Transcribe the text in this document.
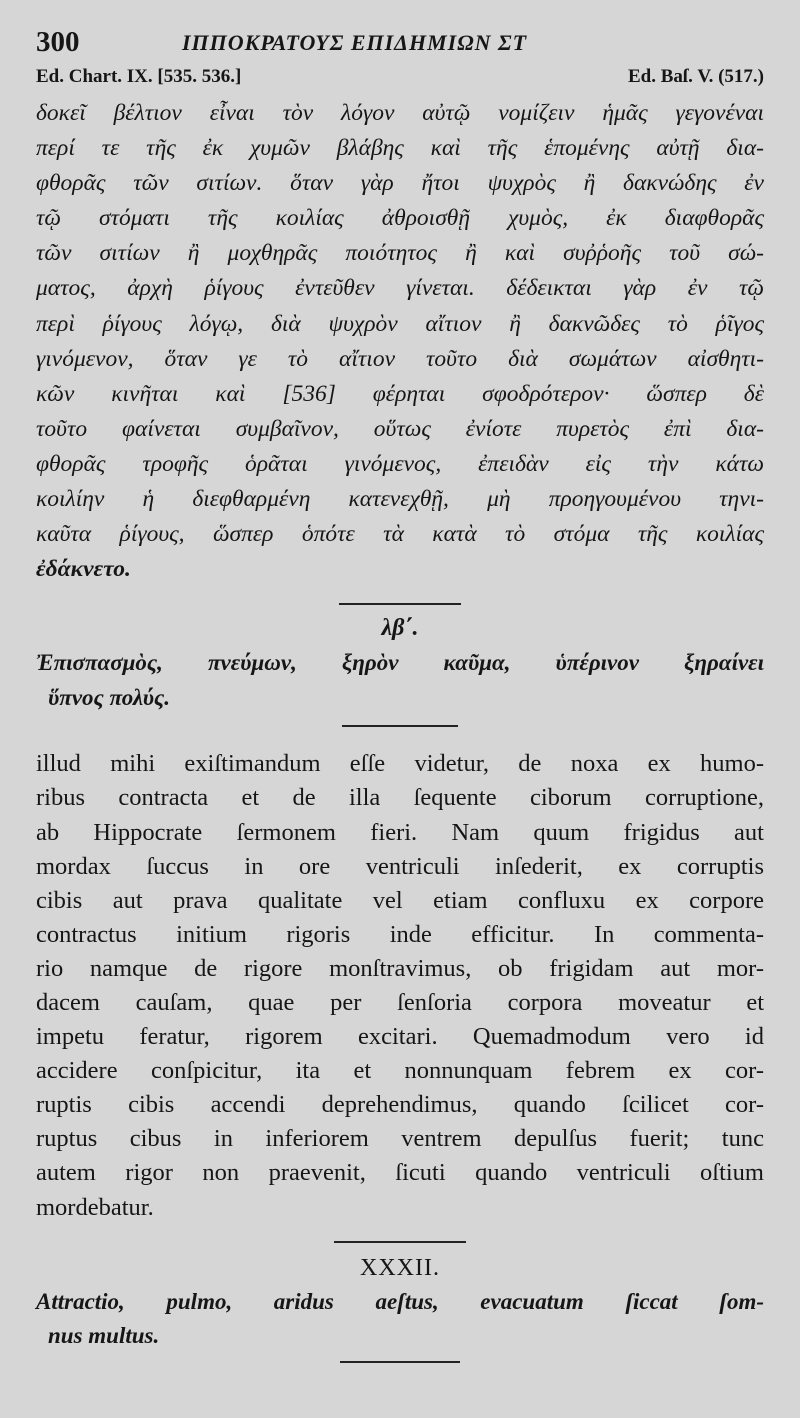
300	ΙΠΠΟΚΡΑΤΟΥΣ ΕΠΙΔΗΜΙΩΝ ΣΤ
Ed. Chart. IX. [535. 536.]	Ed. Baſ. V. (517.)
δοκεῖ βέλτιον εἶναι τὸν λόγον αὐτῷ νομίζειν ἡμᾶς γεγονέναι
περί τε τῆς ἐκ χυμῶν βλάβης καὶ τῆς ἑπομένης αὐτῇ δια-
φθορᾶς τῶν σιτίων. ὅταν γὰρ ἤτοι ψυχρὸς ἢ δακνώδης ἐν
τῷ στόματι τῆς κοιλίας ἀθροισθῇ χυμὸς, ἐκ διαφθορᾶς
τῶν σιτίων ἢ μοχθηρᾶς ποιότητος ἢ καὶ συῤῥοῆς τοῦ σώ-
ματος, ἀρχὴ ῥίγους ἐντεῦθεν γίνεται. δέδεικται γὰρ ἐν τῷ
περὶ ῥίγους λόγῳ, διὰ ψυχρὸν αἴτιον ἢ δακνῶδες τὸ ῥῖγος
γινόμενον, ὅταν γε τὸ αἴτιον τοῦτο διὰ σωμάτων αἰσθητι-
κῶν κινῆται καὶ [536] φέρηται σφοδρότερον· ὥσπερ δὲ
τοῦτο φαίνεται συμβαῖνον, οὕτως ἐνίοτε πυρετὸς ἐπὶ δια-
φθορᾶς τροφῆς ὁρᾶται γινόμενος, ἐπειδὰν εἰς τὴν κάτω
κοιλίην ἡ διεφθαρμένη κατενεχθῇ, μὴ προηγουμένου τηνι-
καῦτα ῥίγους, ὥσπερ ὁπότε τὰ κατὰ τὸ στόμα τῆς κοιλίας
ἐδάκνετο.
λβ΄.
Ἐπισπασμὸς, πνεύμων, ξηρὸν καῦμα, ὑπέρινον ξηραίνει
ὕπνος πολύς.
illud mihi exiſtimandum eſſe videtur, de noxa ex humo-
ribus contracta et de illa ſequente ciborum corruptione,
ab Hippocrate ſermonem fieri. Nam quum frigidus aut
mordax ſuccus in ore ventriculi inſederit, ex corruptis
cibis aut prava qualitate vel etiam confluxu ex corpore
contractus initium rigoris inde efficitur. In commenta-
rio namque de rigore monſtravimus, ob frigidam aut mor-
dacem cauſam, quae per ſenſoria corpora moveatur et
impetu feratur, rigorem excitari. Quemadmodum vero id
accidere conſpicitur, ita et nonnunquam febrem ex cor-
ruptis cibis accendi deprehendimus, quando ſcilicet cor-
ruptus cibus in inferiorem ventrem depulſus fuerit; tunc
autem rigor non praevenit, ſicuti quando ventriculi oſtium
mordebatur.
XXXII.
Attractio, pulmo, aridus aeſtus, evacuatum ſiccat ſom-
nus multus.
